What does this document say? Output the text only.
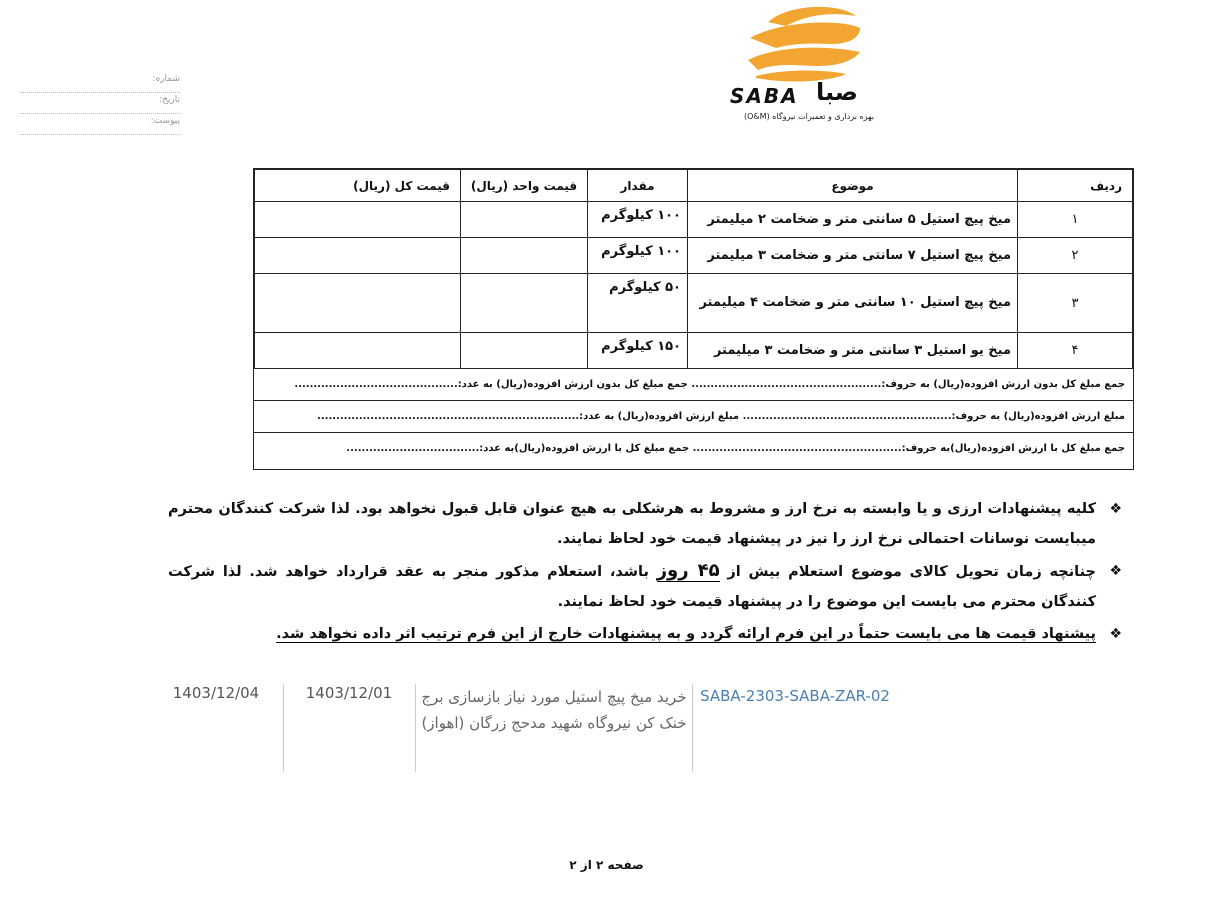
شماره:
تاریخ:
پیوست:
SABA صبا
بهره برداری و تعمیرات نیروگاه (O&M)
ردیف	موضوع	مقدار	قیمت واحد (ریال)	قیمت کل (ریال)
۱	میخ پیچ استیل ۵ سانتی متر و ضخامت ۲ میلیمتر	۱۰۰ کیلوگرم		
۲	میخ پیچ استیل ۷ سانتی متر و ضخامت ۳ میلیمتر	۱۰۰ کیلوگرم		
۳	میخ پیچ استیل ۱۰ سانتی متر و ضخامت ۴ میلیمتر	۵۰ کیلوگرم		
۴	میخ یو استیل ۳ سانتی متر و ضخامت ۳ میلیمتر	۱۵۰ کیلوگرم		
جمع مبلغ کل بدون ارزش افزوده(ریال) به حروف:.................................................. جمع مبلغ کل بدون ارزش افزوده(ریال) به عدد:...........................................
مبلغ ارزش افزوده(ریال) به حروف:....................................................... مبلغ ارزش افزوده(ریال) به عدد:.....................................................................
جمع مبلغ کل با ارزش افزوده(ریال)به حروف:....................................................... جمع مبلغ کل با ارزش افزوده(ریال)به عدد:...................................
❖
کلیه پیشنهادات ارزی و یا وابسته به نرخ ارز و مشروط به هرشکلی به هیچ عنوان قابل قبول نخواهد بود. لذا شرکت کنندگان محترم میبایست نوسانات احتمالی نرخ ارز را نیز در پیشنهاد قیمت خود لحاظ نمایند.
❖
چنانچه زمان تحویل کالای موضوع استعلام بیش از ۴۵ روز باشد، استعلام مذکور منجر به عقد قرارداد خواهد شد. لذا شرکت کنندگان محترم می بایست این موضوع را در پیشنهاد قیمت خود لحاظ نمایند.
❖
پیشنهاد قیمت ها می بایست حتماً در این فرم ارائه گردد و به پیشنهادات خارج از این فرم ترتیب اثر داده نخواهد شد.
SABA-2303-SABA-ZAR-02
خرید میخ پیچ استیل مورد نیاز بازسازی برج خنک کن نیروگاه شهید مدحج زرگان (اهواز)
1403/12/01
1403/12/04
صفحه ۲ از ۲
